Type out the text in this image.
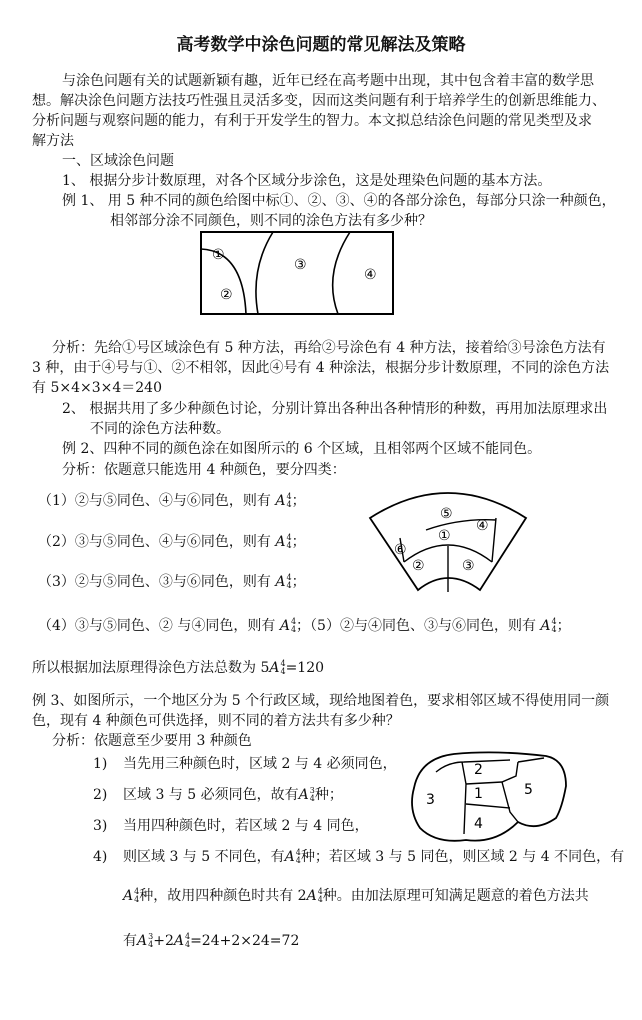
高考数学中涂色问题的常见解法及策略
与涂色问题有关的试题新颖有趣，近年已经在高考题中出现，其中包含着丰富的数学思
想。解决涂色问题方法技巧性强且灵活多变，因而这类问题有利于培养学生的创新思维能力、
分析问题与观察问题的能力，有利于开发学生的智力。本文拟总结涂色问题的常见类型及求
解方法
一、区域涂色问题
1、 根据分步计数原理，对各个区域分步涂色，这是处理染色问题的基本方法。
例 1、 用 5 种不同的颜色给图中标①、②、③、④的各部分涂色，每部分只涂一种颜色，
相邻部分涂不同颜色，则不同的涂色方法有多少种？
①
②
③
④
分析：先给①号区域涂色有 5 种方法，再给②号涂色有 4 种方法，接着给③号涂色方法有
3 种，由于④号与①、②不相邻，因此④号有 4 种涂法，根据分步计数原理，不同的涂色方法
有 5×4×3×4＝240
2、 根据共用了多少种颜色讨论，分别计算出各种出各种情形的种数，再用加法原理求出
不同的涂色方法种数。
例 2、四种不同的颜色涂在如图所示的 6 个区域，且相邻两个区域不能同色。
分析：依题意只能选用 4 种颜色，要分四类：
（1）②与⑤同色、④与⑥同色，则有 A 4
4 ；
（2）③与⑤同色、④与⑥同色，则有 A 4
4 ；
（3）②与⑤同色、③与⑥同色，则有 A 4
4 ；
（4）③与⑤同色、② 与④同色，则有 A 4
4 ；（5）②与④同色、③与⑥同色，则有 A 4
4 ；
①
②	③
④
⑤
⑥
所以根据加法原理得涂色方法总数为 5A 4
4 =120
例 3、如图所示，一个地区分为 5 个行政区域，现给地图着色，要求相邻区域不得使用同一颜
色，现有 4 种颜色可供选择，则不同的着方法共有多少种？
分析：依题意至少要用 3 种颜色
1) 当先用三种颜色时，区域 2 与 4 必须同色，
2) 区域 3 与 5 必须同色，故有A 3
4 种；
3) 当用四种颜色时，若区域 2 与 4 同色，
4) 则区域 3 与 5 不同色，有A 4
4 种；若区域 3 与 5 同色，则区域 2 与 4 不同色，有
A 4
4 种，故用四种颜色时共有 2A 4
4 种。由加法原理可知满足题意的着色方法共
有A 3
4 +2A 4
4 =24+2×24=72
2
1
3
5
4
